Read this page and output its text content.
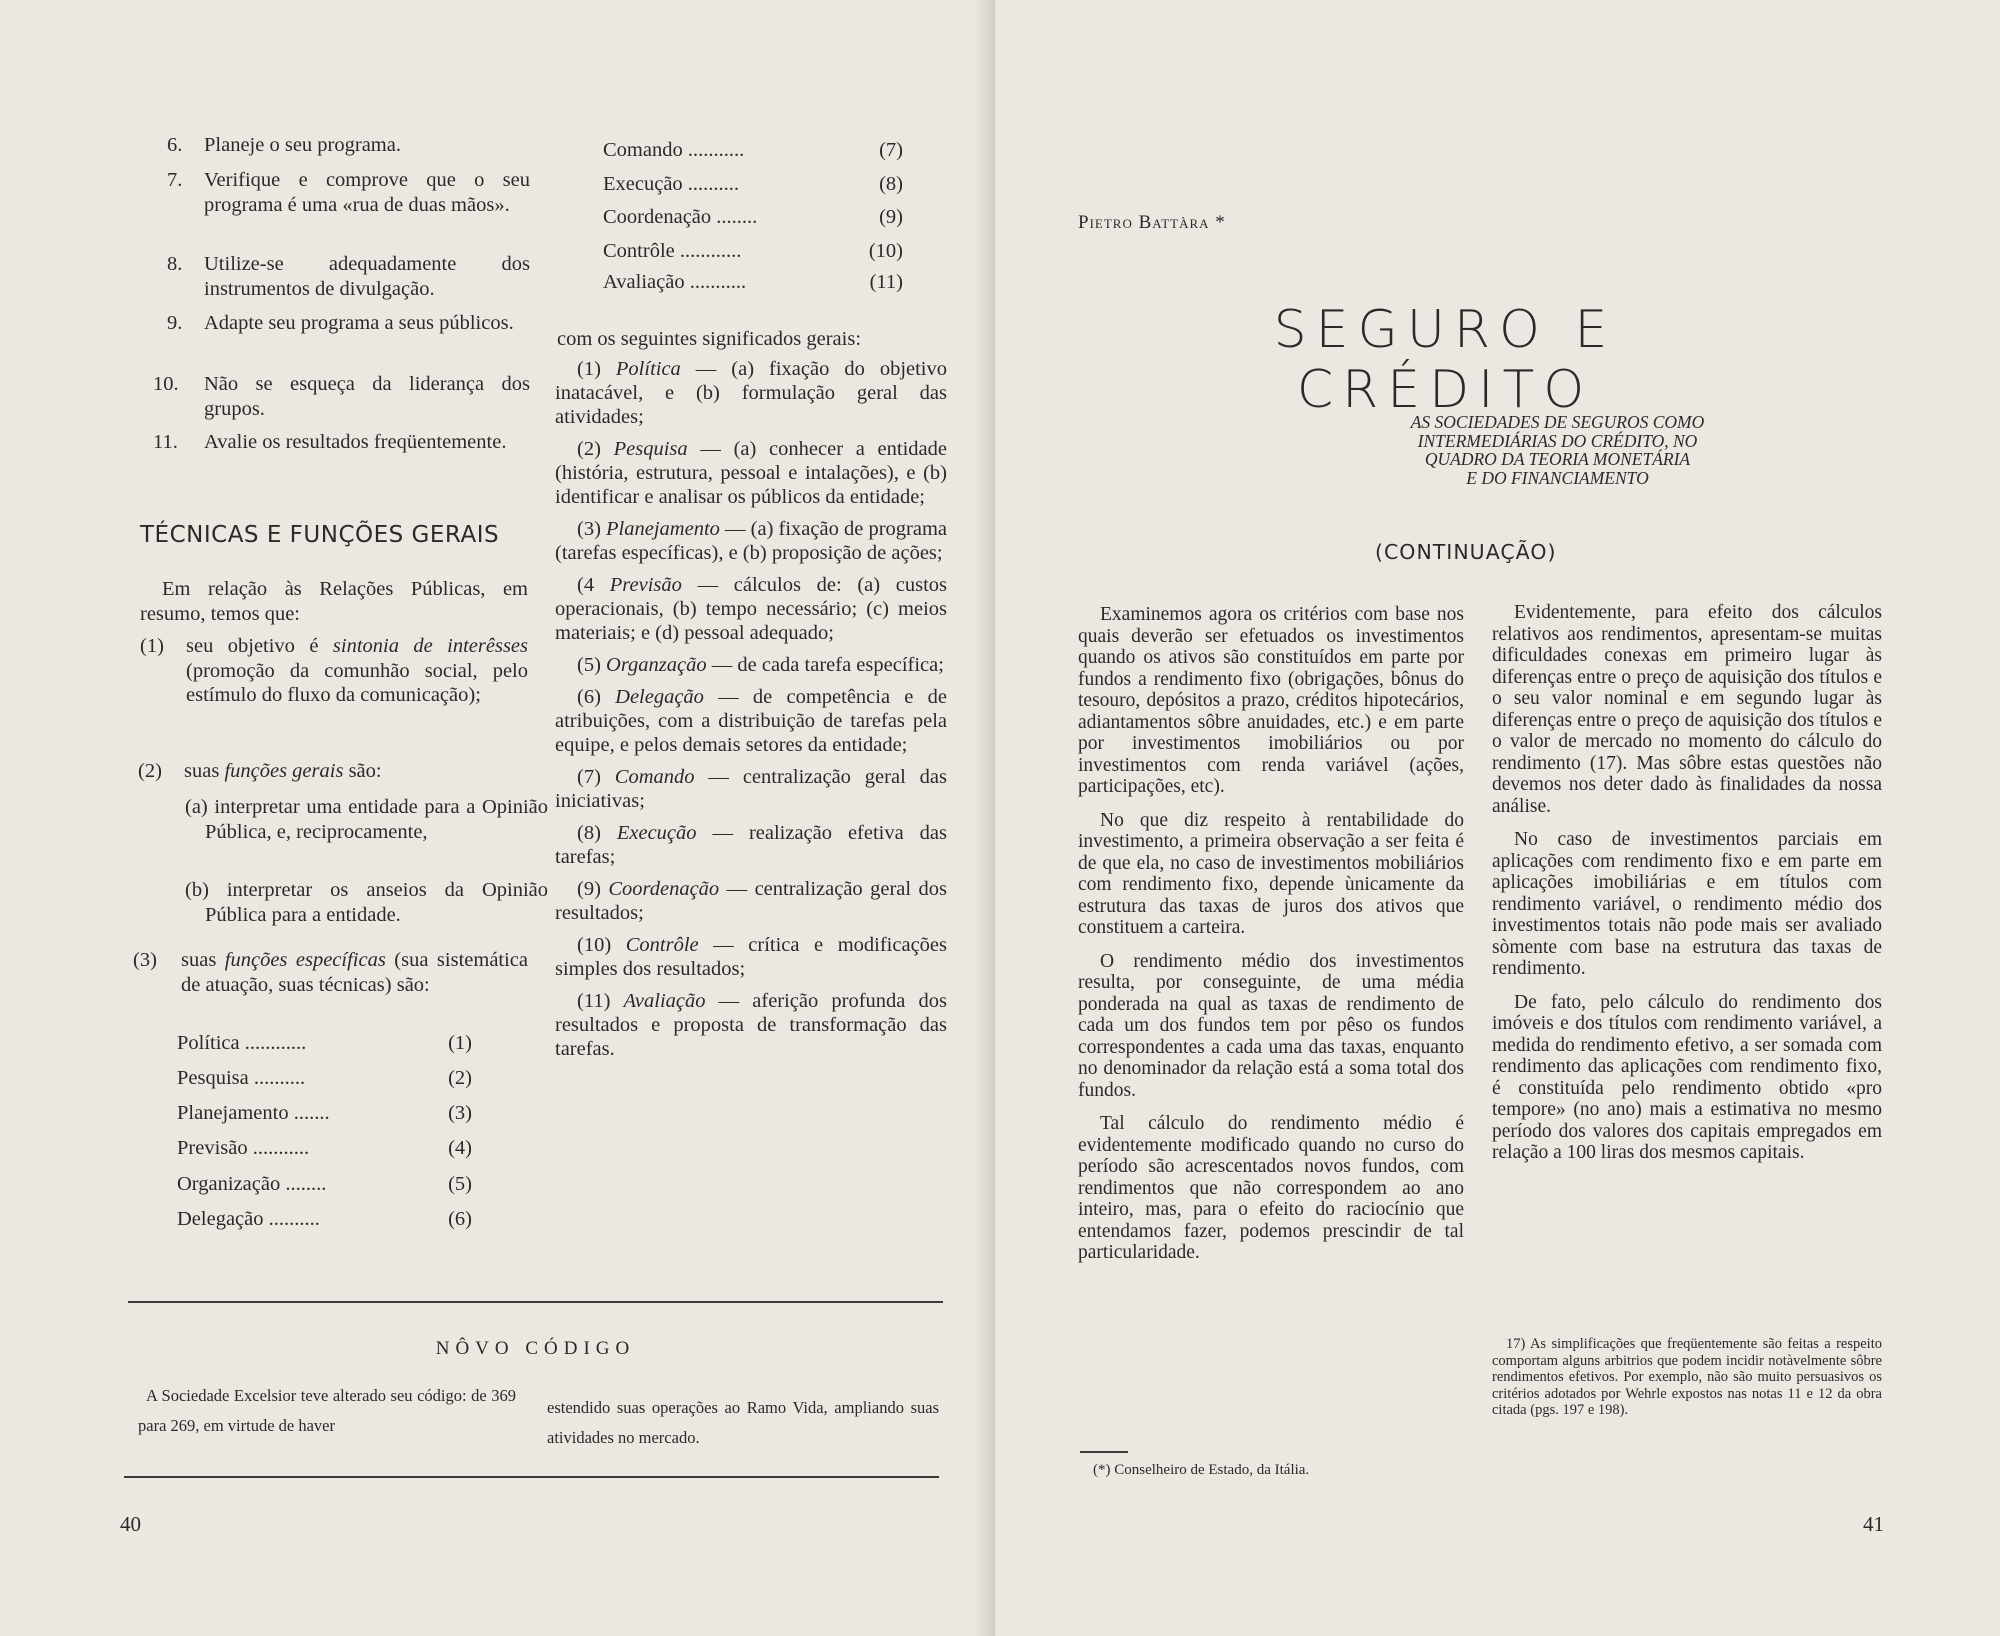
6. Planeje o seu programa.
7. Verifique e comprove que o seu programa é uma «rua de duas mãos».
8. Utilize-se adequadamente dos instrumentos de divulgação.
9. Adapte seu programa a seus públicos.
10. Não se esqueça da liderança dos grupos.
11. Avalie os resultados freqüentemente.
TÉCNICAS E FUNÇÕES GERAIS
Em relação às Relações Públicas, em resumo, temos que:
(1) seu objetivo é sintonia de interêsses (promoção da comunhão social, pelo estímulo do fluxo da comunicação);
(2) suas funções gerais são:
(a) interpretar uma entidade para a Opinião Pública, e, reciprocamente,
(b) interpretar os anseios da Opinião Pública para a entidade.
(3) suas funções específicas (sua sistemática de atuação, suas técnicas) são:
Política ............	(1)
Pesquisa ..........	(2)
Planejamento .......	(3)
Previsão ...........	(4)
Organização ........	(5)
Delegação ..........	(6)
Comando ...........	(7)
Execução ..........	(8)
Coordenação ........	(9)
Contrôle ............	(10)
Avaliação ...........	(11)
com os seguintes significados gerais:

(1) Política — (a) fixação do objetivo inatacável, e (b) formulação geral das atividades;

(2) Pesquisa — (a) conhecer a entidade (história, estrutura, pessoal e intalações), e (b) identificar e analisar os públicos da entidade;

(3) Planejamento — (a) fixação de programa (tarefas específicas), e (b) proposição de ações;

(4 Previsão — cálculos de: (a) custos operacionais, (b) tempo necessário; (c) meios materiais; e (d) pessoal adequado;

(5) Organzação — de cada tarefa específica;

(6) Delegação — de competência e de atribuições, com a distribuição de tarefas pela equipe, e pelos demais setores da entidade;

(7) Comando — centralização geral das iniciativas;

(8) Execução — realização efetiva das tarefas;

(9) Coordenação — centralização geral dos resultados;

(10) Contrôle — crítica e modificações simples dos resultados;

(11) Avaliação — aferição profunda dos resultados e proposta de transformação das tarefas.

NÔVO CÓDIGO
A Sociedade Excelsior teve alterado seu código: de 369 para 269, em virtude de haver
estendido suas operações ao Ramo Vida, ampliando suas atividades no mercado.
40
Pietro Battàra *
SEGURO E CRÉDITO
AS SOCIEDADES DE SEGUROS COMO
INTERMEDIÁRIAS DO CRÉDITO, NO
QUADRO DA TEORIA MONETÁRIA
E DO FINANCIAMENTO
(CONTINUAÇÃO)

Examinemos agora os critérios com base nos quais deverão ser efetuados os investimentos quando os ativos são constituídos em parte por fundos a rendimento fixo (obrigações, bônus do tesouro, depósitos a prazo, créditos hipotecários, adiantamentos sôbre anuidades, etc.) e em parte por investimentos imobiliários ou por investimentos com renda variável (ações, participações, etc).

No que diz respeito à rentabilidade do investimento, a primeira observação a ser feita é de que ela, no caso de investimentos mobiliários com rendimento fixo, depende ùnicamente da estrutura das taxas de juros dos ativos que constituem a carteira.

O rendimento médio dos investimentos resulta, por conseguinte, de uma média ponderada na qual as taxas de rendimento de cada um dos fundos tem por pêso os fundos correspondentes a cada uma das taxas, enquanto no denominador da relação está a soma total dos fundos.

Tal cálculo do rendimento médio é evidentemente modificado quando no curso do período são acrescentados novos fundos, com rendimentos que não correspondem ao ano inteiro, mas, para o efeito do raciocínio que entendamos fazer, podemos prescindir de tal particularidade.

(*) Conselheiro de Estado, da Itália.

Evidentemente, para efeito dos cálculos relativos aos rendimentos, apresentam-se muitas dificuldades conexas em primeiro lugar às diferenças entre o preço de aquisição dos títulos e o seu valor nominal e em segundo lugar às diferenças entre o preço de aquisição dos títulos e o valor de mercado no momento do cálculo do rendimento (17). Mas sôbre estas questões não devemos nos deter dado às finalidades da nossa análise.

No caso de investimentos parciais em aplicações com rendimento fixo e em parte em aplicações imobiliárias e em títulos com rendimento variável, o rendimento médio dos investimentos totais não pode mais ser avaliado sòmente com base na estrutura das taxas de rendimento.

De fato, pelo cálculo do rendimento dos imóveis e dos títulos com rendimento variável, a medida do rendimento efetivo, a ser somada com rendimento das aplicações com rendimento fixo, é constituída pelo rendimento obtido «pro tempore» (no ano) mais a estimativa no mesmo período dos valores dos capitais empregados em relação a 100 liras dos mesmos capitais.

17) As simplificações que freqüentemente são feitas a respeito comportam alguns arbitrios que podem incidir notàvelmente sôbre rendimentos efetivos. Por exemplo, não são muito persuasivos os critérios adotados por Wehrle expostos nas notas 11 e 12 da obra citada (pgs. 197 e 198).
41
